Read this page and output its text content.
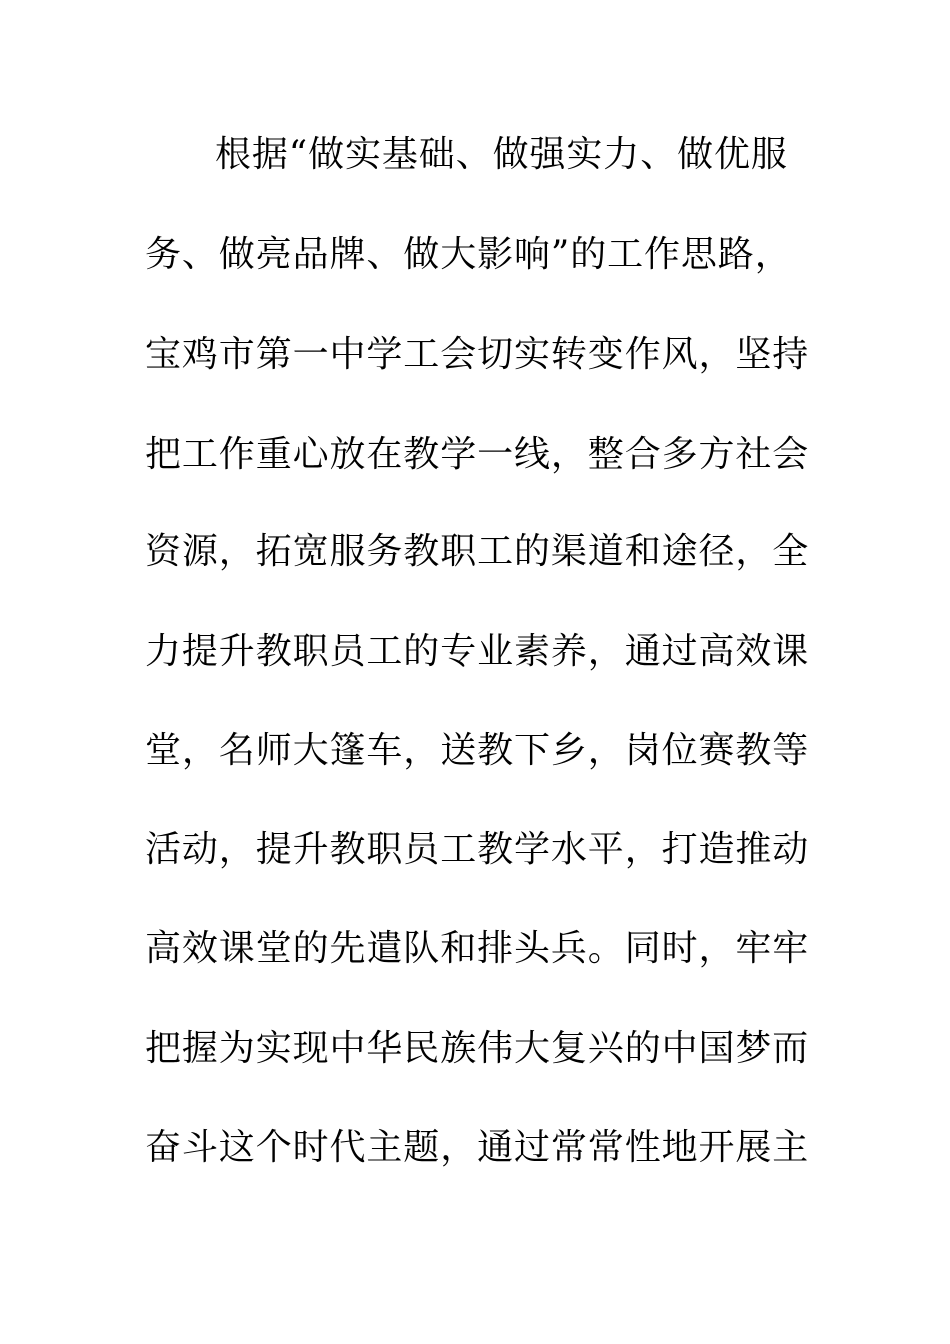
根据“做实基础、做强实力、做优服
务、做亮品牌、做大影响”的工作思路，
宝鸡市第一中学工会切实转变作风，坚持
把工作重心放在教学一线，整合多方社会
资源，拓宽服务教职工的渠道和途径，全
力提升教职员工的专业素养，通过高效课
堂，名师大篷车，送教下乡，岗位赛教等
活动，提升教职员工教学水平，打造推动
高效课堂的先遣队和排头兵。同时，牢牢
把握为实现中华民族伟大复兴的中国梦而
奋斗这个时代主题，通过常常性地开展主
